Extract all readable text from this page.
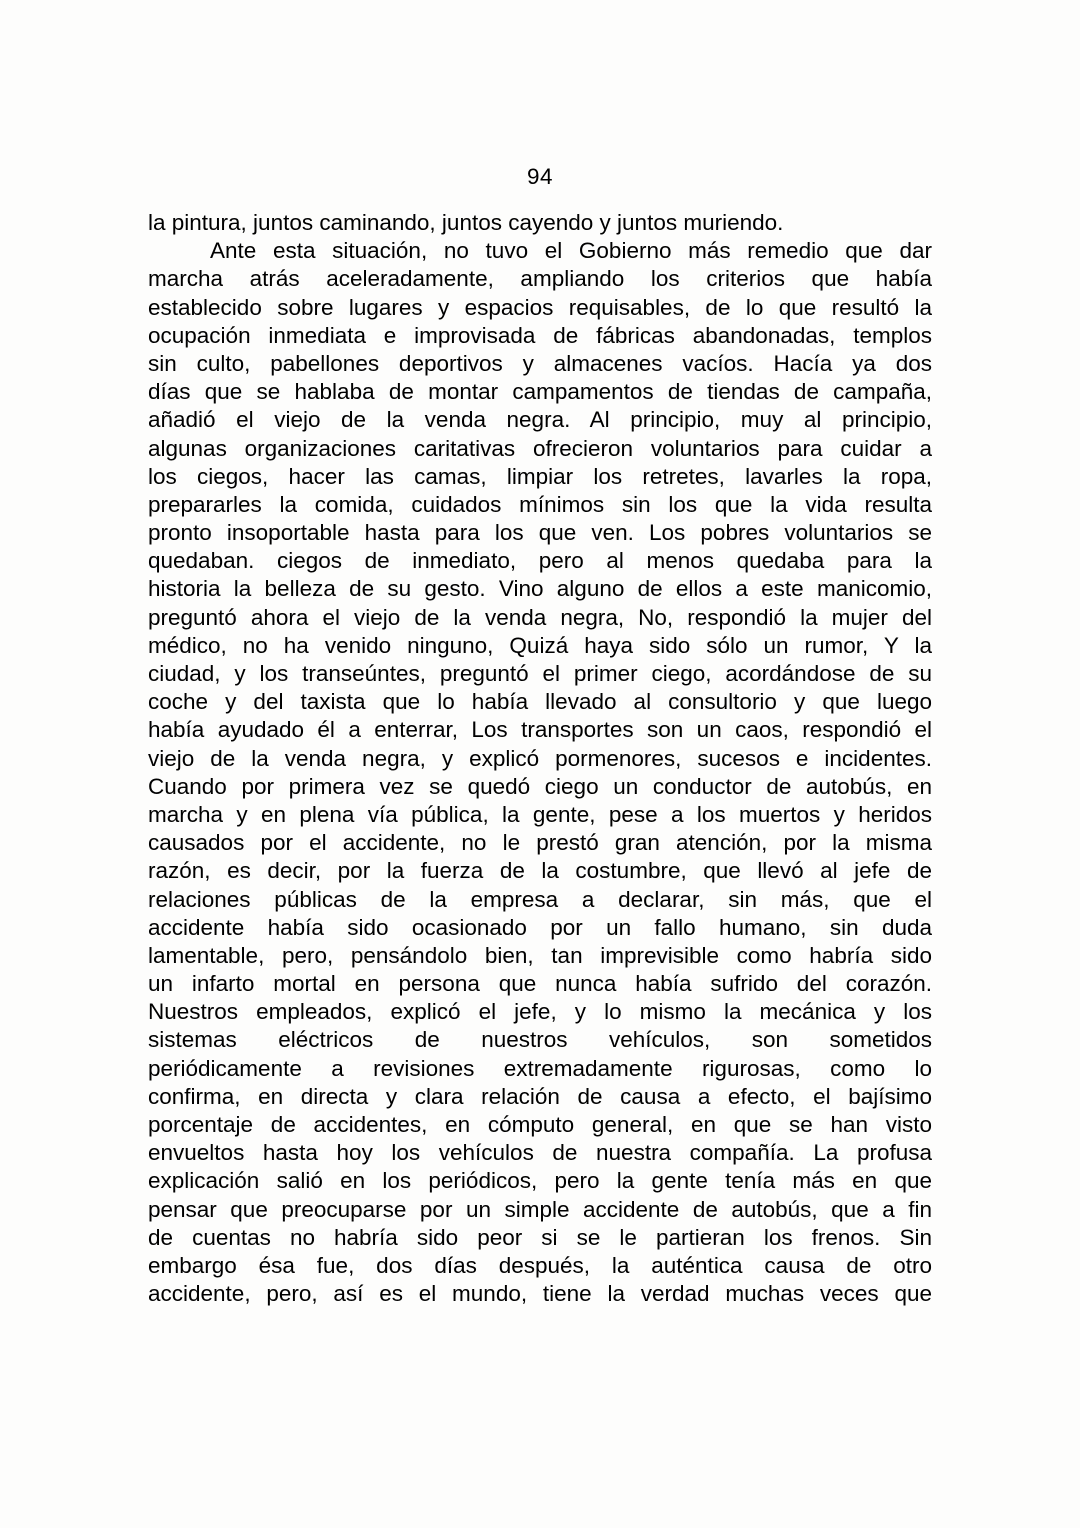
94
la pintura, juntos caminando, juntos cayendo y juntos muriendo.
Ante esta situación, no tuvo el Gobierno más remedio que dar
marcha atrás aceleradamente, ampliando los criterios que había
establecido sobre lugares y espacios requisables, de lo que resultó la
ocupación inmediata e improvisada de fábricas abandonadas, templos
sin culto, pabellones deportivos y almacenes vacíos. Hacía ya dos
días que se hablaba de montar campamentos de tiendas de campaña,
añadió el viejo de la venda negra. Al principio, muy al principio,
algunas organizaciones caritativas ofrecieron voluntarios para cuidar a
los ciegos, hacer las camas, limpiar los retretes, lavarles la ropa,
prepararles la comida, cuidados mínimos sin los que la vida resulta
pronto insoportable hasta para los que ven. Los pobres voluntarios se
quedaban. ciegos de inmediato, pero al menos quedaba para la
historia la belleza de su gesto. Vino alguno de ellos a este manicomio,
preguntó ahora el viejo de la venda negra, No, respondió la mujer del
médico, no ha venido ninguno, Quizá haya sido sólo un rumor, Y la
ciudad, y los transeúntes, preguntó el primer ciego, acordándose de su
coche y del taxista que lo había llevado al consultorio y que luego
había ayudado él a enterrar, Los transportes son un caos, respondió el
viejo de la venda negra, y explicó pormenores, sucesos e incidentes.
Cuando por primera vez se quedó ciego un conductor de autobús, en
marcha y en plena vía pública, la gente, pese a los muertos y heridos
causados por el accidente, no le prestó gran atención, por la misma
razón, es decir, por la fuerza de la costumbre, que llevó al jefe de
relaciones públicas de la empresa a declarar, sin más, que el
accidente había sido ocasionado por un fallo humano, sin duda
lamentable, pero, pensándolo bien, tan imprevisible como habría sido
un infarto mortal en persona que nunca había sufrido del corazón.
Nuestros empleados, explicó el jefe, y lo mismo la mecánica y los
sistemas eléctricos de nuestros vehículos, son sometidos
periódicamente a revisiones extremadamente rigurosas, como lo
confirma, en directa y clara relación de causa a efecto, el bajísimo
porcentaje de accidentes, en cómputo general, en que se han visto
envueltos hasta hoy los vehículos de nuestra compañía. La profusa
explicación salió en los periódicos, pero la gente tenía más en que
pensar que preocuparse por un simple accidente de autobús, que a fin
de cuentas no habría sido peor si se le partieran los frenos. Sin
embargo ésa fue, dos días después, la auténtica causa de otro
accidente, pero, así es el mundo, tiene la verdad muchas veces que
